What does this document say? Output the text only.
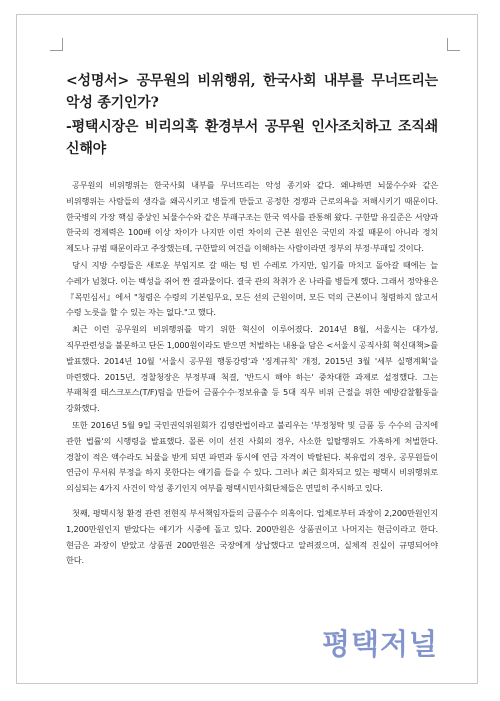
<성명서> 공무원의 비위행위, 한국사회 내부를 무너뜨리는 악성 종기인가?

-평택시장은 비리의혹 환경부서 공무원 인사조치하고 조직쇄신해야

공무원의 비위행위는 한국사회 내부를 무너뜨리는 악성 종기와 같다. 왜냐하면 뇌물수수와 같은 비위행위는 사람들의 생각을 왜곡시키고 병들게 만들고 공정한 경쟁과 근로의욕을 저해시키기 때문이다. 한국병의 가장 핵심 중상인 뇌물수수와 같은 부패구조는 한국 역사를 관통해 왔다. 구한말 유길준은 서양과 한국의 경제력은 100배 이상 차이가 나지만 이런 차이의 근본 원인은 국민의 자질 때문이 아니라 정치 제도나 규범 때문이라고 주장했는데, 구한말의 여건을 이해하는 사람이라면 정부의 부정·부패일 것이다.

당시 지방 수령들은 새로운 부임지로 갈 때는 텅 빈 수레로 가지만, 임기를 마치고 돌아갈 때에는 늘 수레가 넘쳤다. 이는 백성을 쥐어 짠 결과물이다. 결국 관의 착취가 온 나라를 병들게 했다. 그래서 정약용은 『목민심서』에서 "청렴은 수령의 기본임무요, 모든 선의 근원이며, 모든 덕의 근본이니 청렴하지 않고서 수령 노릇을 할 수 있는 자는 없다."고 했다.

최근 이런 공무원의 비위행위를 막기 위한 혁신이 이루어졌다. 2014년 8월, 서울시는 대가성, 직무관련성을 불문하고 단돈 1,000원이라도 받으면 처벌하는 내용을 담은 <서울시 공직사회 혁신대책>를 발표했다. 2014년 10월 '서울시 공무원 행동강령'과 '징계규칙' 개정, 2015년 3월 '세부 실행계획'을 마련했다. 2015년, 경찰청장은 부정부패 척결, '반드시 해야 하는' 중차대한 과제로 설정했다. 그는 부패척결 태스크포스(T/F)팀을 만들어 금품수수·정보유출 등 5대 직무 비위 근절을 위한 예방감찰활동을 강화했다.

또한 2016년 5월 9일 국민권익위원회가 김영란법이라고 불리우는 '부정청탁 및 금품 등 수수의 금지에 관한 법률'의 시행령을 발표했다. 몰론 이미 선진 사회의 경우, 사소한 일탈행위도 가혹하게 처벌한다. 경찰이 적은 액수라도 뇌물을 받게 되면 파면과 동시에 연금 자격이 박탈된다. 복유럽의 경우, 공무원들이 연금이 무서워 부정을 하지 못한다는 얘기를 들을 수 있다. 그러나 최근 회자되고 있는 평택시 비위행위로 의심되는 4가지 사건이 악성 종기인지 여부를 평택시민사회단체들은 면밀히 주시하고 있다.

첫째, 평택시청 환경 관련 전현직 부서책임자들의 금품수수 의혹이다. 업체로부터 과장이 2,200만원인지 1,200만원인지 받았다는 얘기가 시중에 돌고 있다. 200만원은 상품권이고 나머지는 현금이라고 한다. 현금은 과장이 받았고 상품권 200만원은 국장에게 상납했다고 알려졌으며, 실체적 진실이 규명되어야 한다.

평택저널
